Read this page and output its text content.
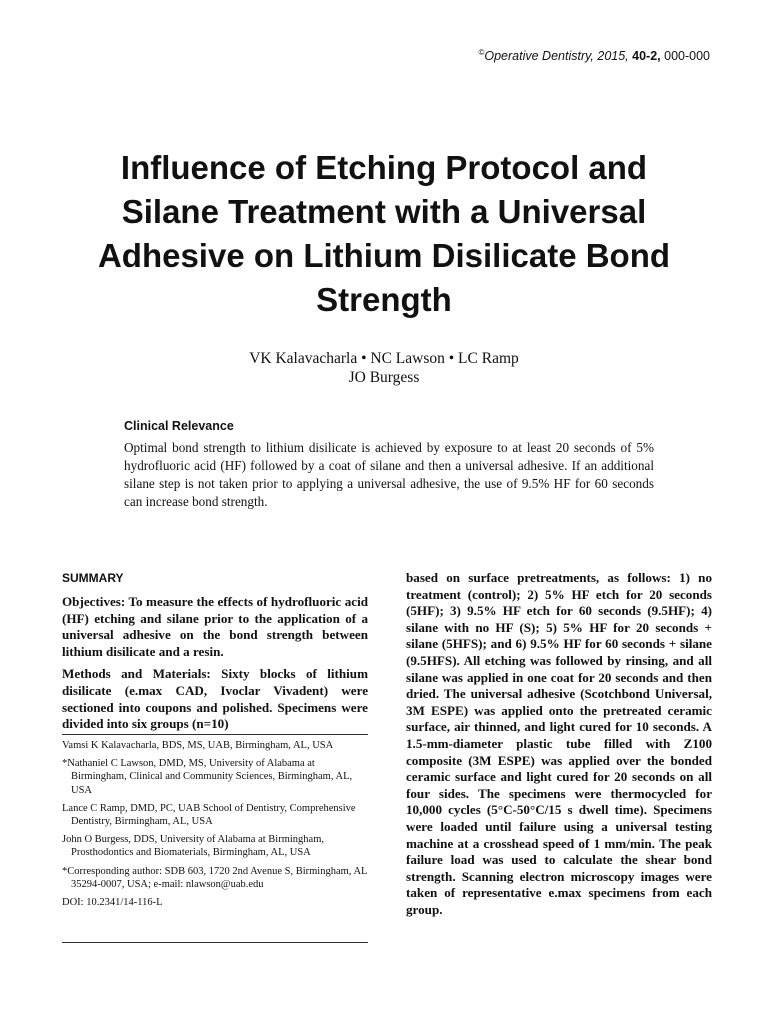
©Operative Dentistry, 2015, 40-2, 000-000
Influence of Etching Protocol and
Silane Treatment with a Universal
Adhesive on Lithium Disilicate Bond
Strength
VK Kalavacharla • NC Lawson • LC Ramp
JO Burgess
Clinical Relevance
Optimal bond strength to lithium disilicate is achieved by exposure to at least 20 seconds of 5% hydrofluoric acid (HF) followed by a coat of silane and then a universal adhesive. If an additional silane step is not taken prior to applying a universal adhesive, the use of 9.5% HF for 60 seconds can increase bond strength.
SUMMARY

Objectives: To measure the effects of hydrofluoric acid (HF) etching and silane prior to the application of a universal adhesive on the bond strength between lithium disilicate and a resin.

Methods and Materials: Sixty blocks of lithium disilicate (e.max CAD, Ivoclar Vivadent) were sectioned into coupons and polished. Specimens were divided into six groups (n=10)

Vamsi K Kalavacharla, BDS, MS, UAB, Birmingham, AL, USA

*Nathaniel C Lawson, DMD, MS, University of Alabama at Birmingham, Clinical and Community Sciences, Birmingham, AL, USA

Lance C Ramp, DMD, PC, UAB School of Dentistry, Comprehensive Dentistry, Birmingham, AL, USA

John O Burgess, DDS, University of Alabama at Birmingham, Prosthodontics and Biomaterials, Birmingham, AL, USA

*Corresponding author: SDB 603, 1720 2nd Avenue S, Birmingham, AL 35294-0007, USA; e-mail: nlawson@uab.edu

DOI: 10.2341/14-116-L

based on surface pretreatments, as follows: 1) no treatment (control); 2) 5% HF etch for 20 seconds (5HF); 3) 9.5% HF etch for 60 seconds (9.5HF); 4) silane with no HF (S); 5) 5% HF for 20 seconds + silane (5HFS); and 6) 9.5% HF for 60 seconds + silane (9.5HFS). All etching was followed by rinsing, and all silane was applied in one coat for 20 seconds and then dried. The universal adhesive (Scotchbond Universal, 3M ESPE) was applied onto the pretreated ceramic surface, air thinned, and light cured for 10 seconds. A 1.5-mm-diameter plastic tube filled with Z100 composite (3M ESPE) was applied over the bonded ceramic surface and light cured for 20 seconds on all four sides. The specimens were thermocycled for 10,000 cycles (5°C-50°C/15 s dwell time). Specimens were loaded until failure using a universal testing machine at a crosshead speed of 1 mm/min. The peak failure load was used to calculate the shear bond strength. Scanning electron microscopy images were taken of representative e.max specimens from each group.
